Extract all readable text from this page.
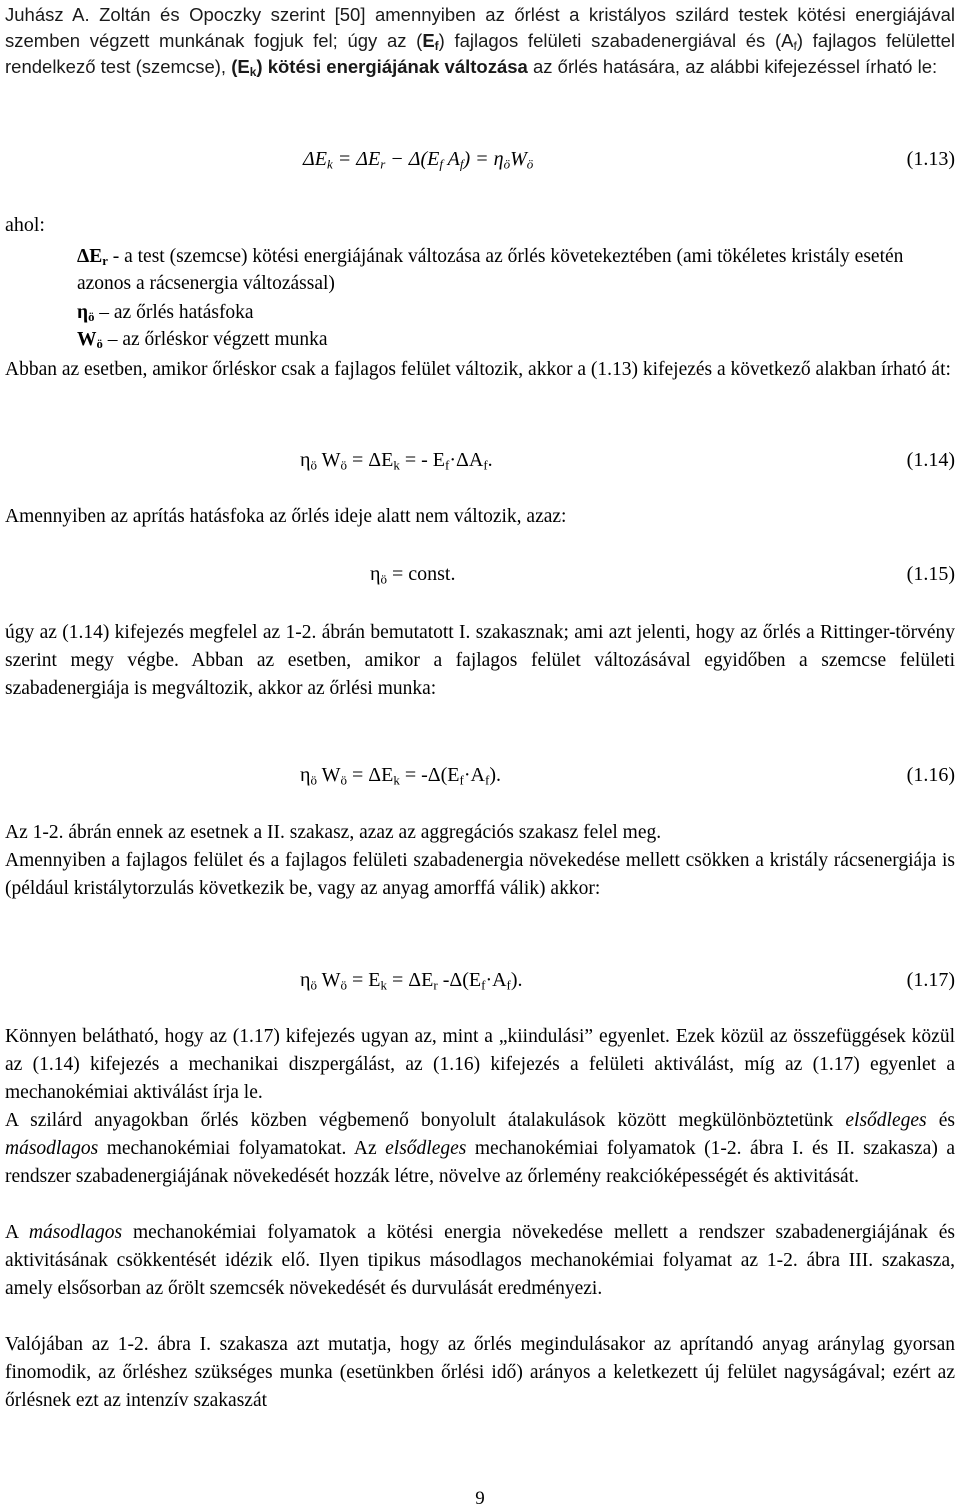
Juhász A. Zoltán és Opoczky szerint [50] amennyiben az őrlést a kristályos szilárd testek kötési energiájával szemben végzett munkának fogjuk fel; úgy az $(E_f)$ fajlagos felületi szabadenergiával és $(A_f)$ fajlagos felülettel rendelkező test (szemcse), $(E_k)$ kötési energiájának változása az őrlés hatására, az alábbi kifejezéssel írható le:

$\Delta E_k = \Delta E_r - \Delta(E_f$ $A_f) = \eta_öW_ö$	(1.13)
ahol:

$\Delta E_r$ - a test (szemcse) kötési energiájának változása az őrlés követekeztében (ami tökéletes kristály esetén azonos a rácsenergia változással)

$\eta_ö$ – az őrlés hatásfoka

$W_ö$ – az őrléskor végzett munka

Abban az esetben, amikor őrléskor csak a fajlagos felület változik, akkor a (1.13) kifejezés a következő alakban írható át:

$\eta_ö$ $W_ö = \Delta E_k$ = - $E_f\cdot\Delta A_f$.	(1.14)

Amennyiben az aprítás hatásfoka az őrlés ideje alatt nem változik, azaz:

$\eta_ö$ = const.	(1.15)

úgy az (1.14) kifejezés megfelel az 1-2. ábrán bemutatott I. szakasznak; ami azt jelenti, hogy az őrlés a Rittinger-törvény szerint megy végbe. Abban az esetben, amikor a fajlagos felület változásával egyidőben a szemcse felületi szabadenergiája is megváltozik, akkor az őrlési munka:

$\eta_ö$ $W_ö = \Delta E_k = -\Delta(E_f\cdot A_f)$.	(1.16)

Az 1-2. ábrán ennek az esetnek a II. szakasz, azaz az aggregációs szakasz felel meg.

Amennyiben a fajlagos felület és a fajlagos felületi szabadenergia növekedése mellett csökken a kristály rácsenergiája is (például kristálytorzulás következik be, vagy az anyag amorffá válik) akkor:

$\eta_ö$ $W_ö = E_k = \Delta E_r$ $-\Delta(E_f\cdot A_f)$.	(1.17)

Könnyen belátható, hogy az (1.17) kifejezés ugyan az, mint a „kiindulási” egyenlet. Ezek közül az összefüggések közül az (1.14) kifejezés a mechanikai diszpergálást, az (1.16) kifejezés a felületi aktiválást, míg az (1.17) egyenlet a mechanokémiai aktiválást írja le.

A szilárd anyagokban őrlés közben végbemenő bonyolult átalakulások között megkülönböztetünk elsődleges és másodlagos mechanokémiai folyamatokat. Az elsődleges mechanokémiai folyamatok (1-2. ábra I. és II. szakasza) a rendszer szabadenergiájának növekedését hozzák létre, növelve az őrlemény reakcióképességét és aktivitását.

A másodlagos mechanokémiai folyamatok a kötési energia növekedése mellett a rendszer szabadenergiájának és aktivitásának csökkentését idézik elő. Ilyen tipikus másodlagos mechanokémiai folyamat az 1-2. ábra III. szakasza, amely elsősorban az őrölt szemcsék növekedését és durvulását eredményezi.

Valójában az 1-2. ábra I. szakasza azt mutatja, hogy az őrlés megindulásakor az aprítandó anyag aránylag gyorsan finomodik, az őrléshez szükséges munka (esetünkben őrlési idő) arányos a keletkezett új felület nagyságával; ezért az őrlésnek ezt az intenzív szakaszát

9
